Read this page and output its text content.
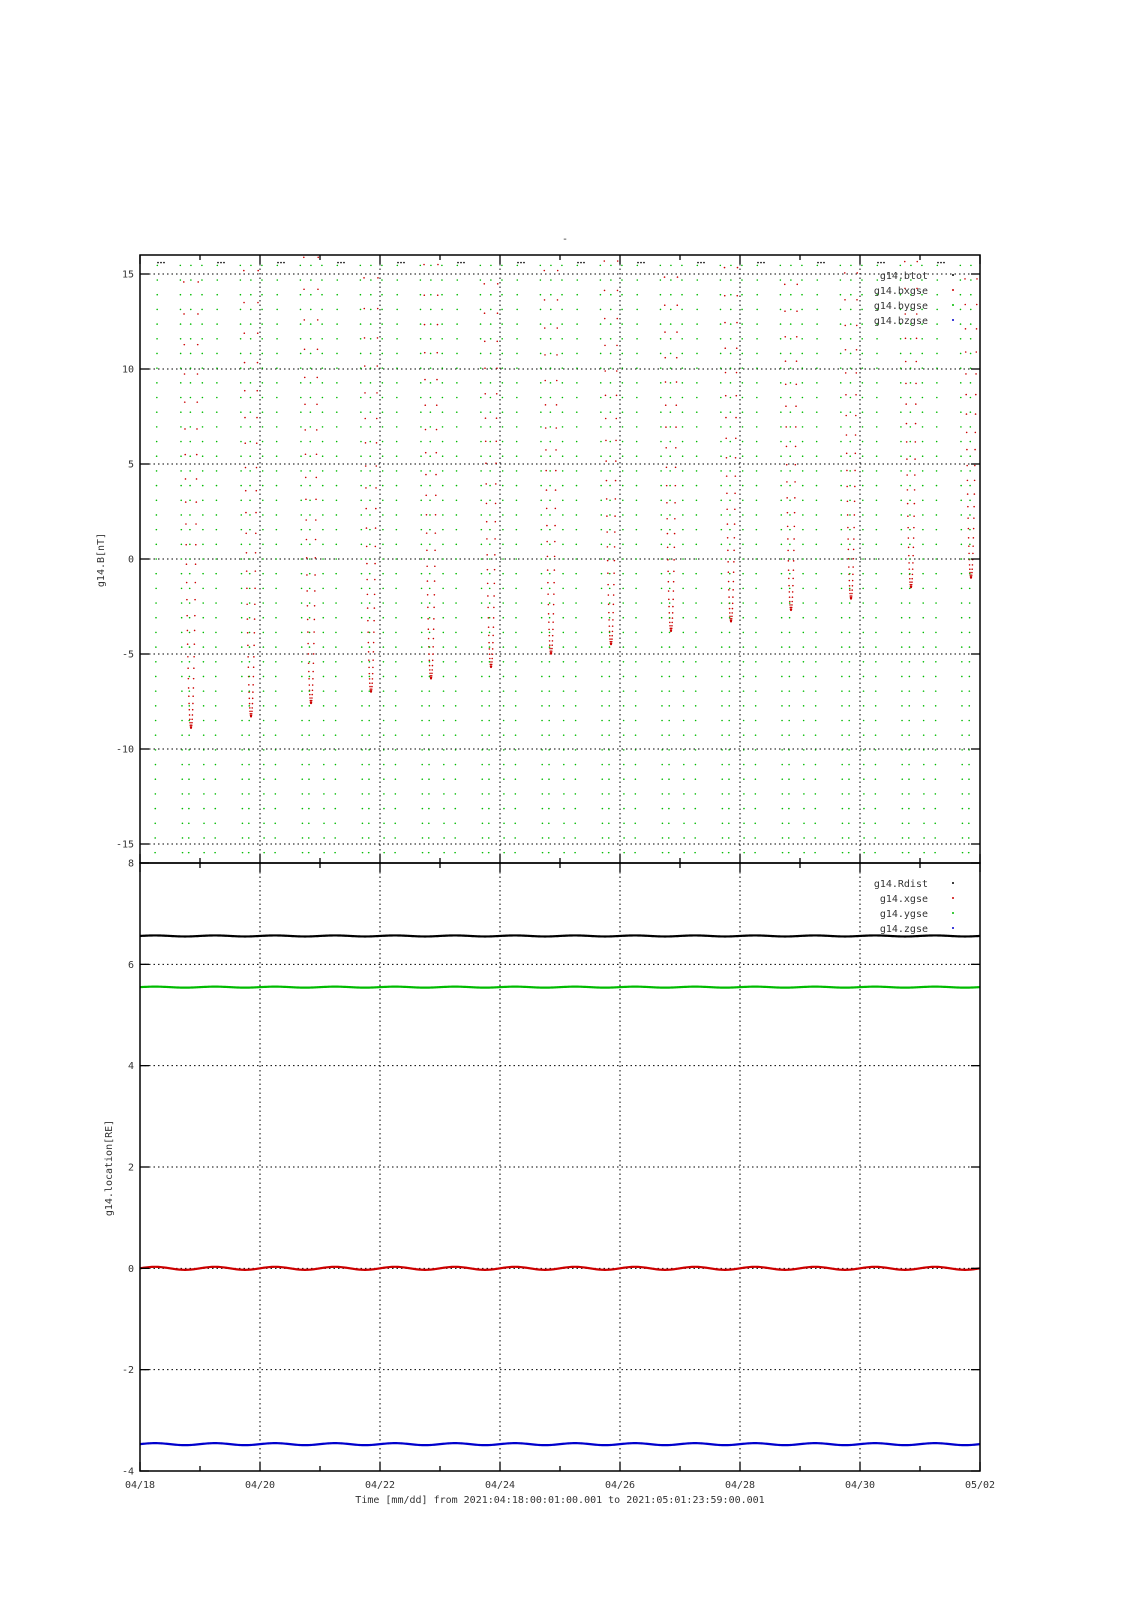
-
-15
-10
-5
0
5
10
15
g14.B[nT]
g14.btot
g14.bxgse
g14.bygse
g14.bzgse
-4
-2
0
2
4
6
8
g14.location[RE]
g14.Rdist
g14.xgse
g14.ygse
g14.zgse
04/18	04/20	04/22	04/24	04/26	04/28	04/30	05/02
Time [mm/dd] from 2021:04:18:00:01:00.001 to 2021:05:01:23:59:00.001
